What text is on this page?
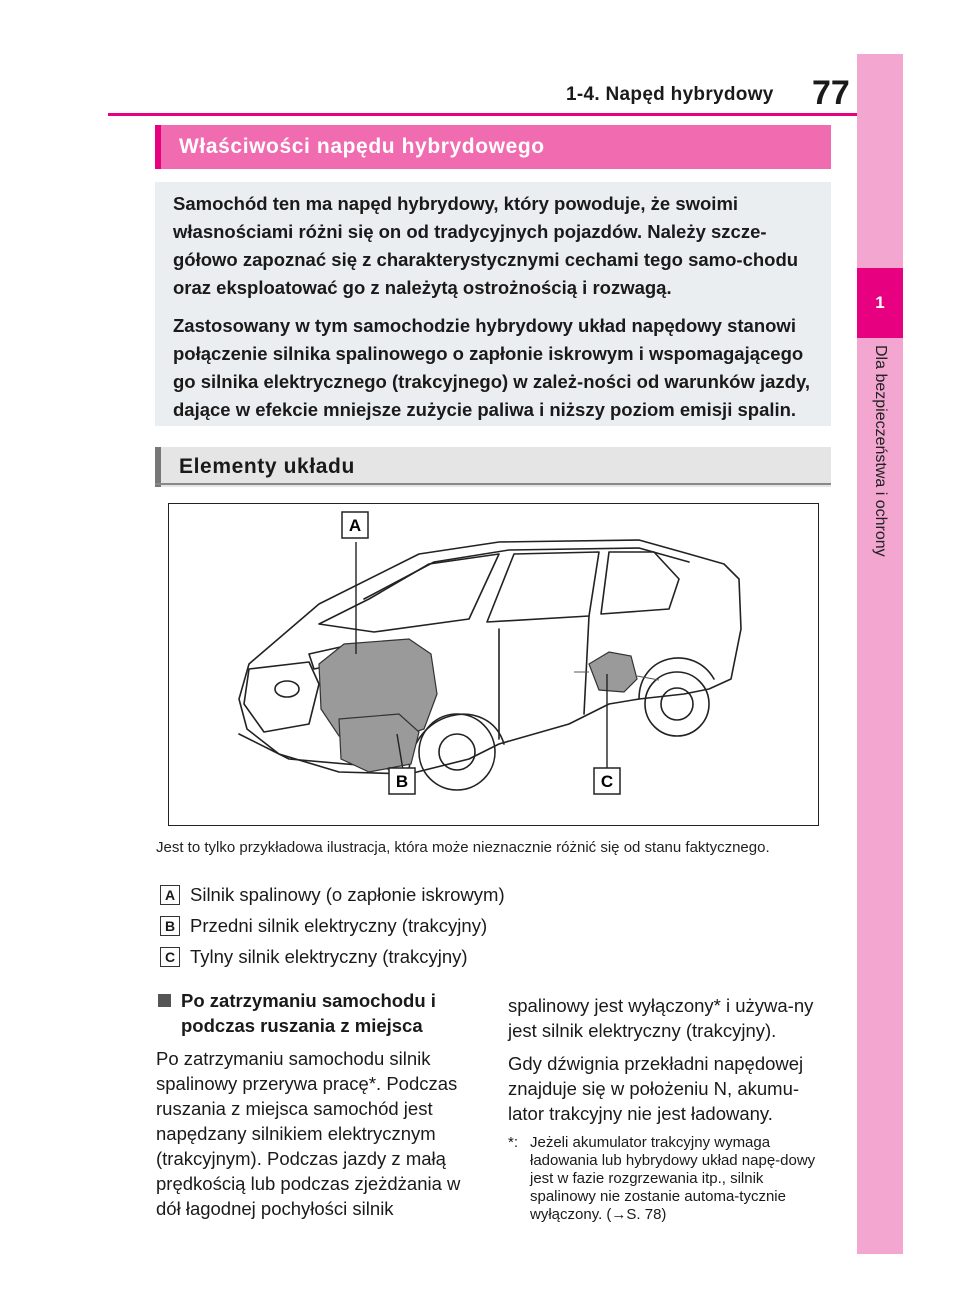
1-4. Napęd hybrydowy 77
1
Dla bezpieczeństwa i ochrony
Właściwości napędu hybrydowego

Samochód ten ma napęd hybrydowy, który powoduje, że swoimi własnościami różni się on od tradycyjnych pojazdów. Należy szcze-gółowo zapoznać się z charakterystycznymi cechami tego samo-chodu oraz eksploatować go z należytą ostrożnością i rozwagą.

Zastosowany w tym samochodzie hybrydowy układ napędowy stanowi połączenie silnika spalinowego o zapłonie iskrowym i wspomagającego go silnika elektrycznego (trakcyjnego) w zależ-ności od warunków jazdy, dające w efekcie mniejsze zużycie paliwa i niższy poziom emisji spalin.

Elementy układu
A
B	C
Jest to tylko przykładowa ilustracja, która może nieznacznie różnić się od stanu faktycznego.
A Silnik spalinowy (o zapłonie iskrowym)
B Przedni silnik elektryczny (trakcyjny)
C Tylny silnik elektryczny (trakcyjny)

Po zatrzymaniu samochodu i podczas ruszania z miejsca

Po zatrzymaniu samochodu silnik spalinowy przerywa pracę*. Podczas ruszania z miejsca samochód jest napędzany silnikiem elektrycznym (trakcyjnym). Podczas jazdy z małą prędkością lub podczas zjeżdżania w dół łagodnej pochyłości silnik

spalinowy jest wyłączony* i używa-ny jest silnik elektryczny (trakcyjny).

Gdy dźwignia przekładni napędowej znajduje się w położeniu N, akumu-lator trakcyjny nie jest ładowany.

*: Jeżeli akumulator trakcyjny wymaga ładowania lub hybrydowy układ napę-dowy jest w fazie rozgrzewania itp., silnik spalinowy nie zostanie automa-tycznie wyłączony. (→S. 78)
